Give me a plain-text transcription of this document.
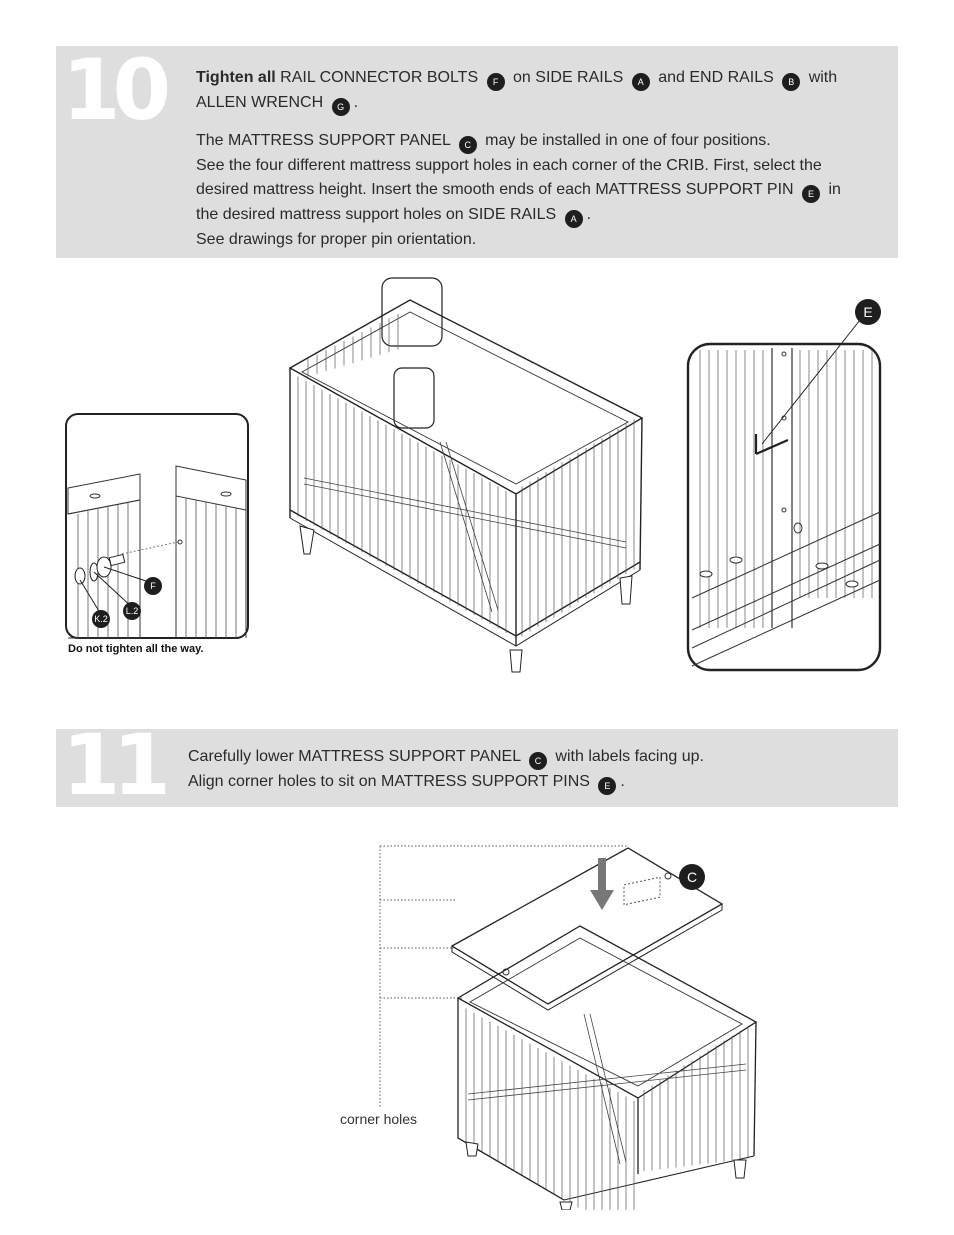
10 Tighten all RAIL CONNECTOR BOLTS F on SIDE RAILS A and END RAILS B with
ALLEN WRENCH G .
The MATTRESS SUPPORT PANEL C may be installed in one of four positions.
See the four different mattress support holes in each corner of the CRIB. First, select the
desired mattress height. Insert the smooth ends of each MATTRESS SUPPORT PIN E in
the desired mattress support holes on SIDE RAILS A .
See drawings for proper pin orientation.
Do not tighten all the way.
F
L.2
K.2
E
11 Carefully lower MATTRESS SUPPORT PANEL C with labels facing up.
Align corner holes to sit on MATTRESS SUPPORT PINS E .
C
corner holes
